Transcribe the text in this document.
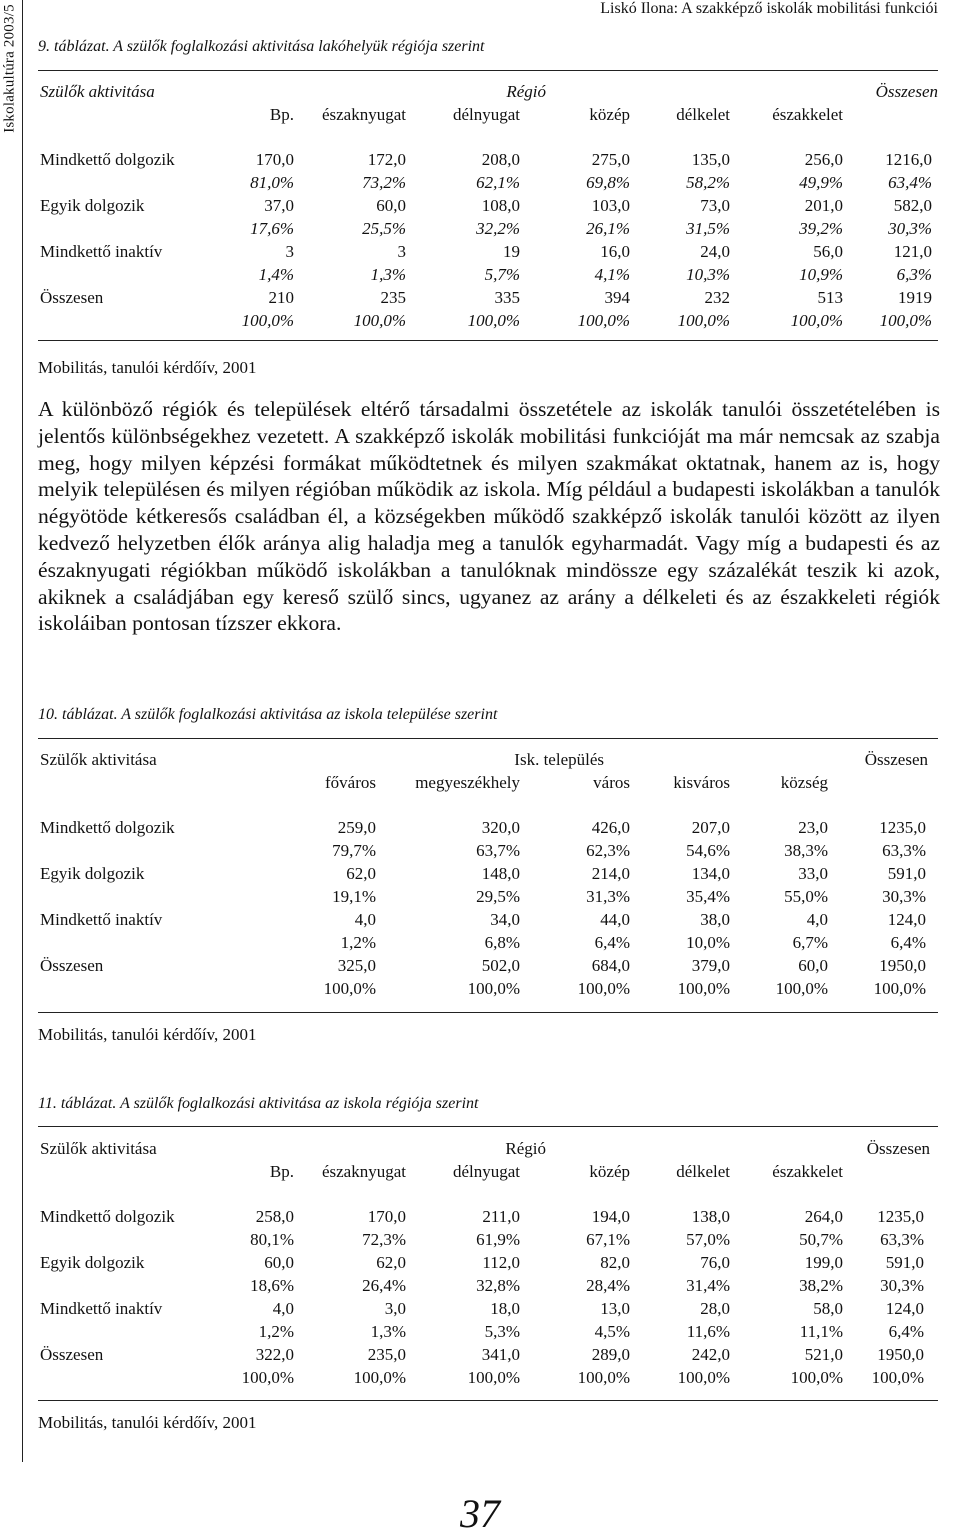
Iskolakultúra 2003/5	Liskó Ilona: A szakképző iskolák mobilitási funkciói
9. táblázat. A szülők foglalkozási aktivitása lakóhelyük régiója szerint
Szülők aktivitása	Régió	Összesen
Bp. északnyugat	délnyugat	közép	délkelet északkelet
Mindkettő dolgozik	170,0	172,0	208,0	275,0	135,0	256,0 1216,0
81,0%	73,2%	62,1%	69,8%	58,2%	49,9%	63,4%
Egyik dolgozik	37,0	60,0	108,0	103,0	73,0	201,0	582,0
17,6%	25,5%	32,2%	26,1%	31,5%	39,2%	30,3%
Mindkettő inaktív	3	3	19	16,0	24,0	56,0	121,0
1,4%	1,3%	5,7%	4,1%	10,3%	10,9%	6,3%
Összesen	210	235	335	394	232	513	1919
100,0%	100,0%	100,0%	100,0%	100,0%	100,0% 100,0%
Mobilitás, tanulói kérdőív, 2001
A különböző régiók és települések eltérő társadalmi összetétele az iskolák tanulói összetételében is jelentős különbségekhez vezetett. A szakképző iskolák mobilitási funkcióját ma már nemcsak az szabja meg, hogy milyen képzési formákat működtetnek és milyen szakmákat oktatnak, hanem az is, hogy melyik településen és milyen régióban működik az iskola. Míg például a budapesti iskolákban a tanulók négyötöde kétkeresős családban él, a községekben működő szakképző iskolák tanulói között az ilyen kedvező helyzetben élők aránya alig haladja meg a tanulók egyharmadát. Vagy míg a budapesti és az északnyugati régiókban működő iskolákban a tanulóknak mindössze egy százalékát teszik ki azok, akiknek a családjában egy kereső szülő sincs, ugyanez az arány a délkeleti és az északkeleti régiók iskoláiban pontosan tízszer ekkora.
10. táblázat. A szülők foglalkozási aktivitása az iskola települése szerint
Szülők aktivitása	Isk. település	Összesen
főváros megyeszékhely	város	kisváros	község
Mindkettő dolgozik	259,0	320,0	426,0	207,0	23,0	1235,0
79,7%	63,7%	62,3%	54,6%	38,3%	63,3%
Egyik dolgozik	62,0	148,0	214,0	134,0	33,0	591,0
19,1%	29,5%	31,3%	35,4%	55,0%	30,3%
Mindkettő inaktív	4,0	34,0	44,0	38,0	4,0	124,0
1,2%	6,8%	6,4%	10,0%	6,7%	6,4%
Összesen	325,0	502,0	684,0	379,0	60,0	1950,0
100,0%	100,0%	100,0%	100,0%	100,0%	100,0%
Mobilitás, tanulói kérdőív, 2001
11. táblázat. A szülők foglalkozási aktivitása az iskola régiója szerint
Szülők aktivitása	Régió	Összesen
Bp. északnyugat	délnyugat	közép	délkelet északkelet
Mindkettő dolgozik	258,0	170,0	211,0	194,0	138,0	264,0 1235,0
80,1%	72,3%	61,9%	67,1%	57,0%	50,7% 63,3%
Egyik dolgozik	60,0	62,0	112,0	82,0	76,0	199,0	591,0
18,6%	26,4%	32,8%	28,4%	31,4%	38,2% 30,3%
Mindkettő inaktív	4,0	3,0	18,0	13,0	28,0	58,0	124,0
1,2%	1,3%	5,3%	4,5%	11,6%	11,1%	6,4%
Összesen	322,0	235,0	341,0	289,0	242,0	521,0 1950,0
100,0%	100,0%	100,0%	100,0%	100,0%	100,0% 100,0%
Mobilitás, tanulói kérdőív, 2001
37
